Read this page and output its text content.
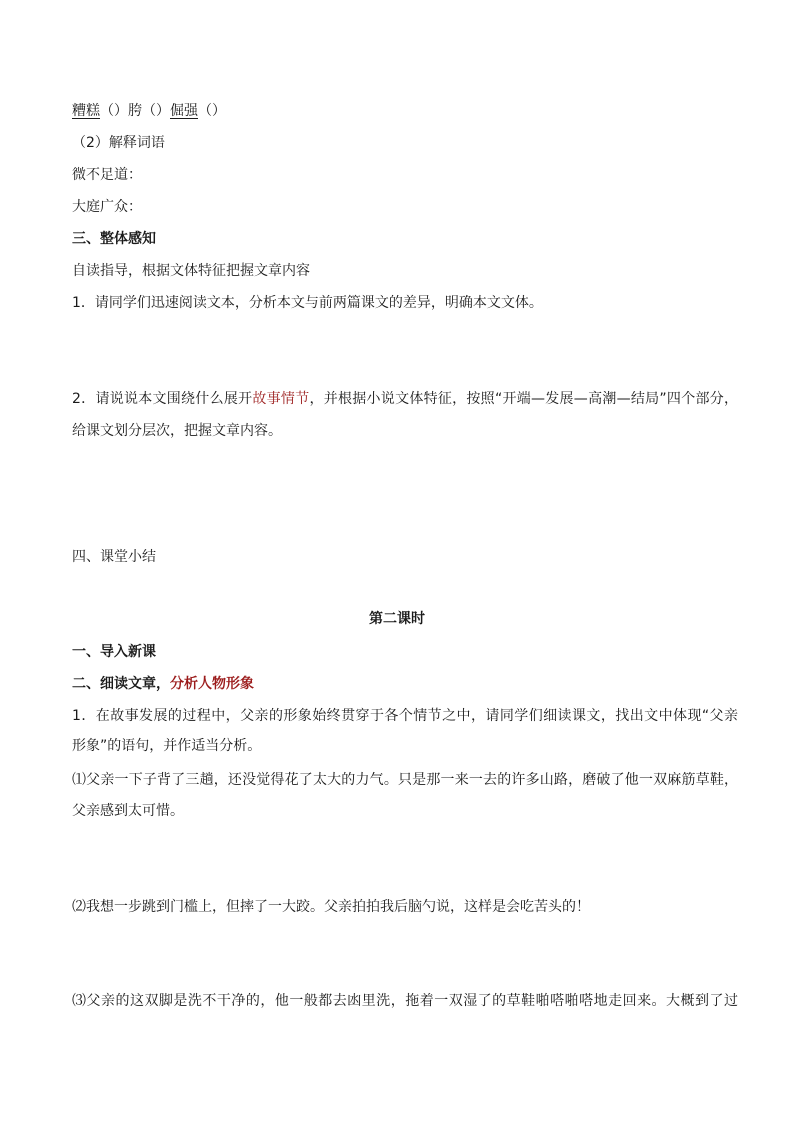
糟糕（）胯（）倔强（）
（2）解释词语
微不足道：
大庭广众：
三、整体感知
自读指导，根据文体特征把握文章内容
1．请同学们迅速阅读文本，分析本文与前两篇课文的差异，明确本文文体。
2．请说说本文围绕什么展开故事情节，并根据小说文体特征，按照“开端—发展—高潮—结局”四个部分，
给课文划分层次，把握文章内容。
四、课堂小结
第二课时
一、导入新课
二、细读文章，分析人物形象
1．在故事发展的过程中，父亲的形象始终贯穿于各个情节之中，请同学们细读课文，找出文中体现“父亲
形象”的语句，并作适当分析。
⑴父亲一下子背了三趟，还没觉得花了太大的力气。只是那一来一去的许多山路，磨破了他一双麻筋草鞋，
父亲感到太可惜。
⑵我想一步跳到门槛上，但摔了一大跤。父亲拍拍我后脑勺说，这样是会吃苦头的！
⑶父亲的这双脚是洗不干净的，他一般都去凼里洗，拖着一双湿了的草鞋啪嗒啪嗒地走回来。大概到了过
